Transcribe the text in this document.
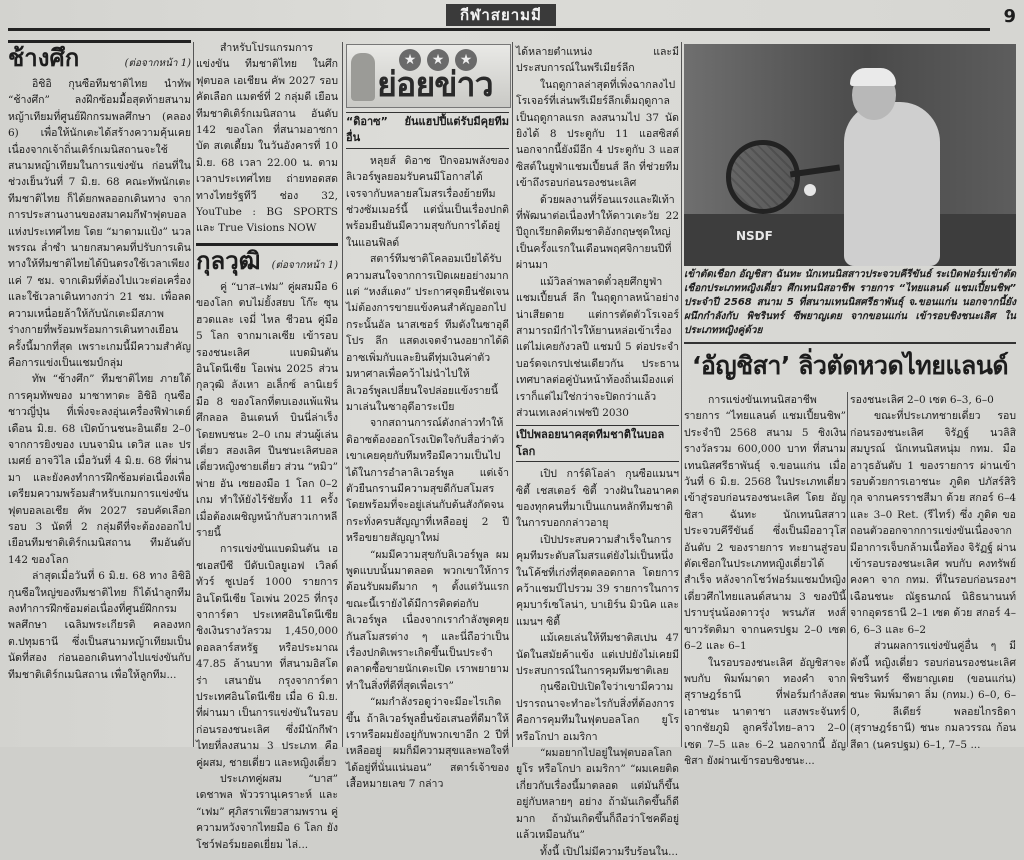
กีฬาสยามมี	9
ช้างศึก	(ต่อจากหน้า 1)

อิชิอิ กุนซือทีมชาติไทย นำทัพ “ช้างศึก” ลงฝึกซ้อมมื้อสุดท้ายสนามหญ้าเทียมที่ศูนย์ฝึกกรมพลศึกษา (คลอง 6) เพื่อให้นักเตะได้สร้างความคุ้นเคย เนื่องจากเจ้าถิ่นเติร์กเมนิสถานจะใช้สนามหญ้าเทียมในการแข่งขัน ก่อนที่ในช่วงเย็นวันที่ 7 มิ.ย. 68 คณะทัพนักเตะทีมชาติไทย ก็ได้ยกพลออกเดินทาง จากการประสานงานของสมาคมกีฬาฟุตบอลแห่งประเทศไทย โดย “มาดามแป้ง” นวลพรรณ ล่ำซำ นายกสมาคมที่ปรับการเดินทางให้ทีมชาติไทยได้บินตรงใช้เวลาเพียงแค่ 7 ชม. จากเดิมที่ต้องไปแวะต่อเครื่องและใช้เวลาเดินทางกว่า 21 ชม. เพื่อลดความเหนื่อยล้าให้กับนักเตะมีสภาพร่างกายที่พร้อมพร้อมการเดินทางเยือนครั้งนี้มากที่สุด เพราะเกมนี้มีความสำคัญคือการแข่งเป็นแชมป์กลุ่ม

ทัพ “ช้างศึก” ทีมชาติไทย ภายใต้การคุมทัพของ มาซาทาดะ อิชิอิ กุนซือชาวญี่ปุ่น ที่เพิ่งจะลงอุ่นเครื่องฟีฟ่าเดย์ เดือน มิ.ย. 68 เปิดบ้านชนะอินเดีย 2–0 จากการยิงของ เบนจามิน เดวิส และ ปรเมศย์ อาจวิไล เมื่อวันที่ 4 มิ.ย. 68 ที่ผ่านมา และยังคงทำการฝึกซ้อมต่อเนื่องเพื่อเตรียมความพร้อมสำหรับเกมการแข่งขันฟุตบอลเอเชีย คัพ 2027 รอบคัดเลือกรอบ 3 นัดที่ 2 กลุ่มดีที่จะต้องออกไปเยือนทีมชาติเติร์กเมนิสถาน ทีมอันดับ 142 ของโลก

ล่าสุดเมื่อวันที่ 6 มิ.ย. 68 ทาง อิชิอิ กุนซือใหญ่ของทีมชาติไทย ก็ได้นำลูกทีมลงทำการฝึกซ้อมต่อเนื่องที่ศูนย์ฝึกกรมพลศึกษา เฉลิมพระเกียรติ คลองหก ต.ปทุมธานี ซึ่งเป็นสนามหญ้าเทียมเป็นนัดที่สอง ก่อนออกเดินทางไปแข่งขันกับทีมชาติเติร์กเมนิสถาน เพื่อให้ลูกทีม...

สำหรับโปรแกรมการแข่งขัน ทีมชาติไทย ในศึกฟุตบอล เอเชียน คัพ 2027 รอบคัดเลือก แมตช์ที่ 2 กลุ่มดี เยือนทีมชาติเติร์กเมนิสถาน อันดับ 142 ของโลก ที่สนามอาชกาบัต สเตเดี้ยม ในวันอังคารที่ 10 มิ.ย. 68 เวลา 22.00 น. ตามเวลาประเทศไทย ถ่ายทอดสดทางไทยรัฐทีวี ช่อง 32, YouTube : BG SPORTS และ True Visions NOW

กุลวุฒิ (ต่อจากหน้า 1)

คู่ “บาส–เฟม” คู่ผสมมือ 6 ของโลก ตบไม่ยั้งสยบ โก๊ะ ซุนฮวดและ เจมี่ ไหล ชีวอน คู่มือ 5 โลก จากมาเลเซีย เข้ารอบรองชนะเลิศ แบดมินตันอินโดนีเซีย โอเพ่น 2025 ส่วน กุลวุฒิ ลังเหา อเล็กซ์ ลานิเยร์ มือ 8 ของโลกที่ตบเองแพ้แฟ้นศึกลอล อินเดนท์ บินนี่ล่าเร็ง โดยพบชนะ 2–0 เกม ส่วนผู้เล่นเดี่ยว สองเลิศ ปีนชนะเลิศบอลเดี่ยวหญิงชายเดี่ยว ส่วน “หมิว” พ่าย อัน เซยองมือ 1 โลก 0–2 เกม ทำให้ยังไร้ชัยทั้ง 11 ครั้ง เมื่อต้องเผชิญหน้ากับสาวเกาหลีรายนี้

การแข่งขันแบดมินตัน เอชเอสบีซี บีดับเบิลยูเอฟ เวิลด์ ทัวร์ ซูเปอร์ 1000 รายการอินโดนีเซีย โอเพ่น 2025 ที่กรุงจาการ์ตา ประเทศอินโดนีเซีย ชิงเงินรางวัลรวม 1,450,000 ดอลลาร์สหรัฐ หรือประมาณ 47.85 ล้านบาท ที่สนามอิสโตร่า เสนายัน กรุงจาการ์ตา ประเทศอินโดนีเซีย เมื่อ 6 มิ.ย. ที่ผ่านมา เป็นการแข่งขันในรอบก่อนรองชนะเลิศ ซึ่งมีนักกีฬาไทยที่ลงสนาม 3 ประเภท คือคู่ผสม, ชายเดี่ยว และหญิงเดี่ยว

ประเภทคู่ผสม “บาส” เดชาพล พัววรานุเคราะห์ และ “เฟม” ศุภิสราเพียวสามพราน คู่ความหวังจากไทยมือ 6 โลก ยังโชว์ฟอร์มยอดเยี่ยม ไล่...

★	★	★
ย่อยข่าว
“ดิอาซ” ยันแฮปปี้แต่รับมีคุยทีมอื่น

หลุยส์ ดิอาซ ปีกจอมพลังของลิเวอร์พูลยอมรับคนมีโอกาสได้เจรจากับหลายสโมสรเรื่องย้ายทีมช่วงซัมเมอร์นี้ แต่นั่นเป็นเรื่องปกติ พร้อมยืนยันมีความสุขกับการได้อยู่ในแอนฟิลด์

สตาร์ทีมชาติโคลอมเบียได้รับความสนใจจากการเปิดเผยอย่างมากแต่ “หงส์แดง” ประกาศจุดยืนชัดเจนไม่ต้องการขายแข้งคนสำคัญออกไป กระนั้นอัล นาสเซอร์ ทีมดังในซาอุดี โปร ลีก แสดงเจตจำนงอยากได้ดิอาซเพิ่มกับและยินดีทุ่มเงินค่าตัวมหาศาลเพื่อคว้าไม่นำไปให้ลิเวอร์พูลเปลี่ยนใจปล่อยแข้งรายนี้มาเล่นในซาอุดีอาระเบีย

จากสถานการณ์ดังกล่าวทำให้ดิอาซต้องออกโรงเปิดใจกับสื่อว่าตัวเขาเคยคุยกับทีมหรือมีความเป็นไปได้ในการอำลาลิเวอร์พูล แต่เจ้าตัวยืนกรานมีความสุขดีกับสโมสร โดยพร้อมที่จะอยู่เล่นกับต้นสังกัดจนกระทั่งครบสัญญาที่เหลืออยู่ 2 ปี หรือขยายสัญญาใหม่

“ผมมีความสุขกับลิเวอร์พูล ผมพูดแบบนั้นมาตลอด พวกเขาให้การต้อนรับผมดีมาก ๆ ตั้งแต่วันแรก ขณะนี้เรายังได้มีการติดต่อกับลิเวอร์พูล เนื่องจากเรากำลังพูดคุยกันสโมสรต่าง ๆ และนี่ถือว่าเป็นเรื่องปกติเพราะเกิดขึ้นเป็นประจำตลาดซื้อขายนักเตะเปิด เราพยายามทำในสิ่งที่ดีที่สุดเพื่อเรา”

“ผมกำลังรอดูว่าจะมีอะไรเกิดขึ้น ถ้าลิเวอร์พูลยื่นข้อเสนอที่ดีมาให้เราหรือผมยังอยู่กับพวกเขาอีก 2 ปีที่เหลืออยู่ ผมก็มีความสุขและพอใจที่ได้อยู่ที่นั่นแน่นอน” สตาร์เจ้าของเสื้อหมายเลข 7 กล่าว

ได้หลายตำแหน่ง และมีประสบการณ์ในพรีเมียร์ลีก

ในฤดูกาลล่าสุดที่เพิ่งฉากลงไป โรเจอร์ที่เล่นพรีเมียร์ลีกเต็มฤดูกาลเป็นฤดูกาลแรก ลงสนามไป 37 นัด ยิงได้ 8 ประตูกับ 11 แอสซิสต์ นอกจากนี้ยังมีอีก 4 ประตูกับ 3 แอสซิสต์ในยูฟ่าแชมเปี้ยนส์ ลีก ที่ช่วยทีมเข้าถึงรอบก่อนรองชนะเลิศ

ด้วยผลงานที่ร้อนแรงและฝีเท้าที่พัฒนาต่อเนื่องทำให้ดาวเตะวัย 22 ปีถูกเรียกติดทีมชาติอังกฤษชุดใหญ่เป็นครั้งแรกในเดือนพฤศจิกายนปีที่ผ่านมา

แม้วิลล่าพลาดตั๋วลุยศึกยูฟ่าแชมเปี้ยนส์ ลีก ในฤดูกาลหน้าอย่างน่าเสียดาย แต่การตัดตัวโรเจอร์สามารถมีกำไรให้ยานหล่อเข้าเรื่องแต่ไม่เคยกังวลปี แชมป์ 5 ต่อประจำบอร์ดจเกรปเช่นเดียวกัน ประธานเทศบาลต่อคู่บันหน้าท้องถิ่นเมืองแต่เราก็แต่ไม่ใช่กว่าจะปิดกว่าแล้ว ส่วนเทเลงค่าเฟซปี 2030

เปิปพลอยนาคสุดทีมชาติในบอลโลก

เปิป การ์ดิโอล่า กุนซือแมนฯ ซิตี้ เชสเตอร์ ซิตี้ วางฝันในอนาคตของทุกคนที่มาเป็นแกนหลักทีมชาติในการบอกกล่าวอายุ

เปิปประสบความสำเร็จในการคุมทีมระดับสโมสรแต่ยังไม่เป็นหนึ่งในโค้ชที่เก่งที่สุดตลอดกาล โดยการคว้าแชมป์ไปรวม 39 รายการในการคุมบาร์เซโลน่า, บาเยิร์น มิวนิค และแมนฯ ซิตี้

แม้เคยเล่นให้ทีมชาติสเปน 47 นัดในสมัยค้าแข้ง แต่เปปยังไม่เคยมีประสบการณ์ในการคุมทีมชาติเลย

กุนซือเปิปเปิดใจว่าเขามีความปรารถนาจะทำอะไรกับสิ่งที่ต้องการคือการคุมทีมในฟุตบอลโลก ยูโร หรือโกปา อเมริกา

“ผมอยากไปอยู่ในฟุตบอลโลก ยูโร หรือโกปา อเมริกา” “ผมเคยติดเกี่ยวกับเรื่องนี้มาตลอด แต่มันก็ขึ้นอยู่กับหลายๆ อย่าง ถ้ามันเกิดขึ้นก็ดีมาก ถ้ามันเกิดขึ้นก็ถือว่าโชคดีอยู่แล้วเหมือนกัน”

ทั้งนี้ เปิปไม่มีความรีบร้อนใน...

NSDF
เข้าตัดเชือก อัญชิสา ฉันทะ นักเทนนิสสาวประจวบคีรีขันธ์ ระเบิดฟอร์มเข้าตัดเชือกประเภทหญิงเดี่ยว ศึกเทนนิสอาชีพ รายการ “ไทยแลนด์ แชมเปี้ยนชิพ” ประจำปี 2568 สนาม 5 ที่สนามเทนนิสศรีธาพันธุ์ จ.ขอนแก่น นอกจากนี้ยังผนึกกำลังกับ พิชรินทร์ ซีพยาญเตย จากขอนแก่น เข้ารอบชิงชนะเลิศ ในประเภทหญิงคู่ด้วย
‘อัญชิสา’ ลิ่วตัดหวดไทยแลนด์

การแข่งขันเทนนิสอาชีพรายการ “ไทยแลนด์ แชมเปี้ยนชิพ” ประจำปี 2568 สนาม 5 ชิงเงินรางวัลรวม 600,000 บาท ที่สนามเทนนิสศรีธาพันธุ์ จ.ขอนแก่น เมื่อวันที่ 6 มิ.ย. 2568 ในประเภทเดี่ยวเข้าสู่รอบก่อนรองชนะเลิศ โดย อัญชิสา ฉันทะ นักเทนนิสสาวประจวบคีรีขันธ์ ซึ่งเป็นมืออาวุโสอันดับ 2 ของรายการ ทะยานสู่รอบตัดเชือกในประเภทหญิงเดี่ยวได้สำเร็จ หลังจากโชว์ฟอร์มแชมป์หญิงเดี่ยวศึกไทยแลนด์สนาม 3 ของปีนี้ ปราบรุ่นน้องดาวรุ่ง พรนภัส หงส์ขาวรัตติมา จากนครปฐม 2–0 เซต 6–2 และ 6–1

ในรอบรองชนะเลิศ อัญชิสาจะพบกับ พิมพ์มาดา ทองคำ จากสุราษฎร์ธานี ที่ฟอร์มกำลังสด เอาชนะ นาตาชา แสงพระจันทร์ จากชัยภูมิ ลูกครึ่งไทย–ลาว 2–0 เซต 7–5 และ 6–2 นอกจากนี้ อัญชิสา ยังผ่านเข้ารอบชิงชนะ...

รองชนะเลิศ 2–0 เซต 6–3, 6–0

ขณะที่ประเภทชายเดี่ยว รอบก่อนรองชนะเลิศ จิรัฏฐ์ นวลิสิสมบูรณ์ นักเทนนิสหนุ่ม กทม. มืออาวุธอันดับ 1 ของรายการ ผ่านเข้ารอบด้วยการเอาชนะ ภูดิต ปภัสร์สิริกุล จากนครราชสีมา ด้วย สกอร์ 6–4 และ 3–0 Ret. (รีไทร์) ซึ่ง ภูดิต ขอถอนตัวออกจากการแข่งขันเนื่องจากมีอาการเจ็บกล้ามเนื้อท้อง จิรัฏฐ์ ผ่านเข้ารอบรองชนะเลิศ พบกับ คงทรัพย์ คงคา จาก กทม. ที่ในรอบก่อนรองฯ เฉือนชนะ ณัฐธนภณ์ นิธิธนานนท์ จากอุดรธานี 2–1 เซต ด้วย สกอร์ 4–6, 6–3 และ 6–2

ส่วนผลการแข่งขันคู่อื่น ๆ มีดังนี้ หญิงเดี่ยว รอบก่อนรองชนะเลิศ พิชรินทร์ ซีพยาญเตย (ขอนแก่น) ชนะ พิมพ์มาดา ลิ่ม (กทม.) 6–0, 6–0, ลีเดียร์ พลอยไกรธิดา (สุราษฎร์ธานี) ชนะ กมลวรรณ ก้อนสีดา (นครปฐม) 6–1, 7–5 ...
